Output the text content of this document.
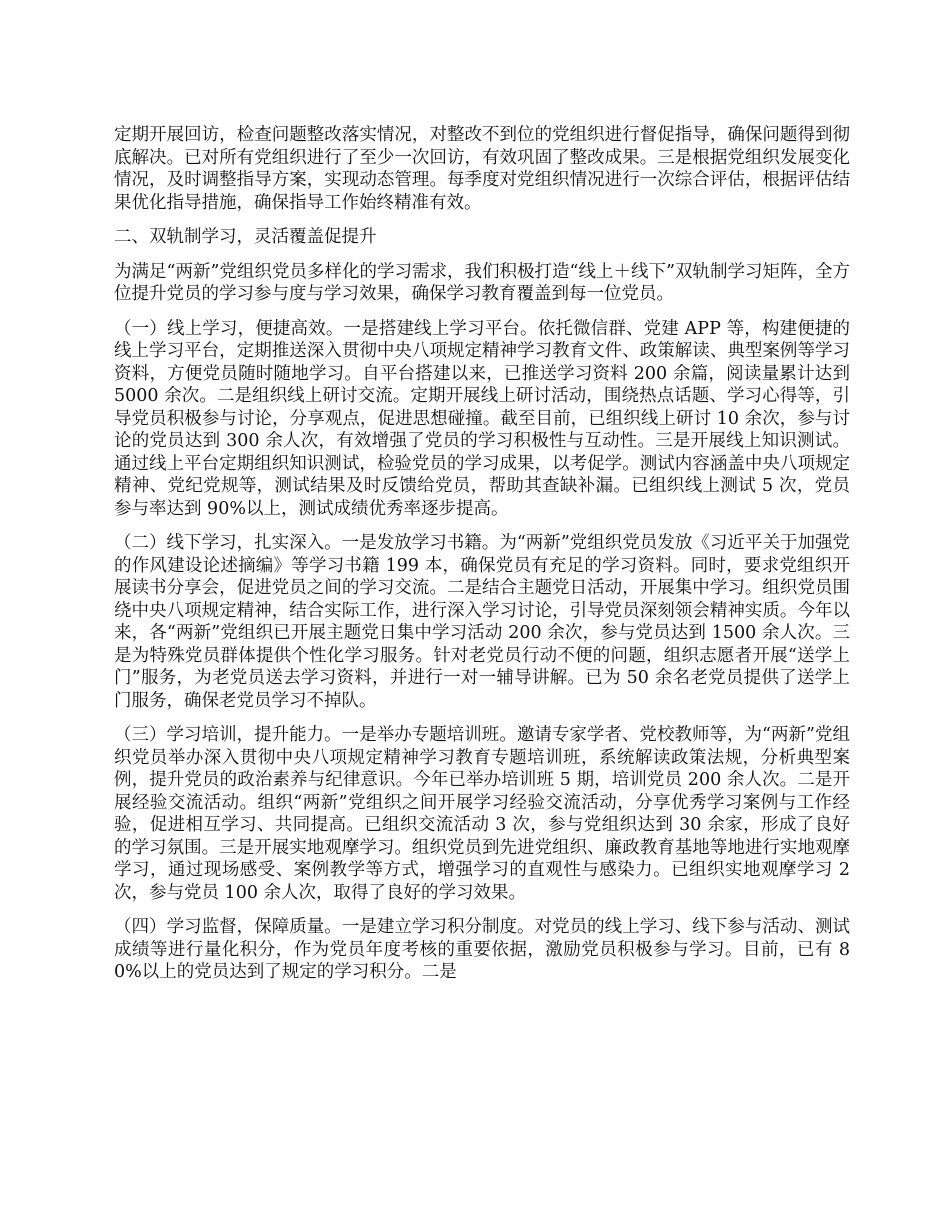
定期开展回访，检查问题整改落实情况，对整改不到位的党组织进行督促指导，确保问题得到彻底解决。已对所有党组织进行了至少一次回访，有效巩固了整改成果。三是根据党组织发展变化情况，及时调整指导方案，实现动态管理。每季度对党组织情况进行一次综合评估，根据评估结果优化指导措施，确保指导工作始终精准有效。

二、双轨制学习，灵活覆盖促提升

为满足“两新”党组织党员多样化的学习需求，我们积极打造“线上＋线下”双轨制学习矩阵，全方位提升党员的学习参与度与学习效果，确保学习教育覆盖到每一位党员。

（一）线上学习，便捷高效。一是搭建线上学习平台。依托微信群、党建 APP 等，构建便捷的线上学习平台，定期推送深入贯彻中央八项规定精神学习教育文件、政策解读、典型案例等学习资料，方便党员随时随地学习。自平台搭建以来，已推送学习资料 200 余篇，阅读量累计达到 5000 余次。二是组织线上研讨交流。定期开展线上研讨活动，围绕热点话题、学习心得等，引导党员积极参与讨论，分享观点，促进思想碰撞。截至目前，已组织线上研讨 10 余次，参与讨论的党员达到 300 余人次，有效增强了党员的学习积极性与互动性。三是开展线上知识测试。通过线上平台定期组织知识测试，检验党员的学习成果，以考促学。测试内容涵盖中央八项规定精神、党纪党规等，测试结果及时反馈给党员，帮助其查缺补漏。已组织线上测试 5 次，党员参与率达到 90%以上，测试成绩优秀率逐步提高。

（二）线下学习，扎实深入。一是发放学习书籍。为“两新”党组织党员发放《习近平关于加强党的作风建设论述摘编》等学习书籍 199 本，确保党员有充足的学习资料。同时，要求党组织开展读书分享会，促进党员之间的学习交流。二是结合主题党日活动，开展集中学习。组织党员围绕中央八项规定精神，结合实际工作，进行深入学习讨论，引导党员深刻领会精神实质。今年以来，各“两新”党组织已开展主题党日集中学习活动 200 余次，参与党员达到 1500 余人次。三是为特殊党员群体提供个性化学习服务。针对老党员行动不便的问题，组织志愿者开展“送学上门”服务，为老党员送去学习资料，并进行一对一辅导讲解。已为 50 余名老党员提供了送学上门服务，确保老党员学习不掉队。

（三）学习培训，提升能力。一是举办专题培训班。邀请专家学者、党校教师等，为“两新”党组织党员举办深入贯彻中央八项规定精神学习教育专题培训班，系统解读政策法规，分析典型案例，提升党员的政治素养与纪律意识。今年已举办培训班 5 期，培训党员 200 余人次。二是开展经验交流活动。组织“两新”党组织之间开展学习经验交流活动，分享优秀学习案例与工作经验，促进相互学习、共同提高。已组织交流活动 3 次，参与党组织达到 30 余家，形成了良好的学习氛围。三是开展实地观摩学习。组织党员到先进党组织、廉政教育基地等地进行实地观摩学习，通过现场感受、案例教学等方式，增强学习的直观性与感染力。已组织实地观摩学习 2 次，参与党员 100 余人次，取得了良好的学习效果。

（四）学习监督，保障质量。一是建立学习积分制度。对党员的线上学习、线下参与活动、测试成绩等进行量化积分，作为党员年度考核的重要依据，激励党员积极参与学习。目前，已有 80%以上的党员达到了规定的学习积分。二是
